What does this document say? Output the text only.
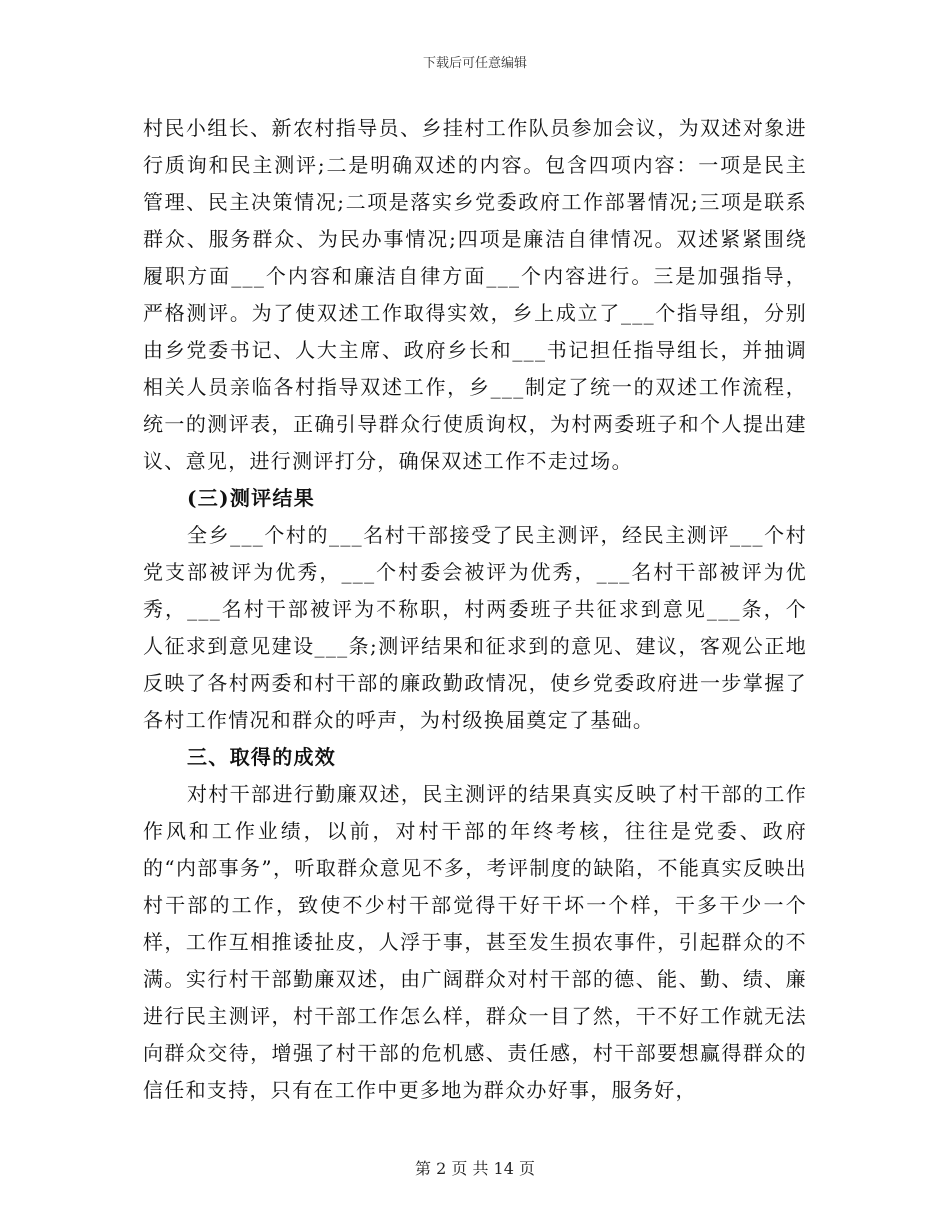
下载后可任意编辑

村民小组长、新农村指导员、乡挂村工作队员参加会议，为双述对象进行质询和民主测评;二是明确双述的内容。包含四项内容：一项是民主管理、民主决策情况;二项是落实乡党委政府工作部署情况;三项是联系群众、服务群众、为民办事情况;四项是廉洁自律情况。双述紧紧围绕履职方面___个内容和廉洁自律方面___个内容进行。三是加强指导，严格测评。为了使双述工作取得实效，乡上成立了___个指导组，分别由乡党委书记、人大主席、政府乡长和___书记担任指导组长，并抽调相关人员亲临各村指导双述工作，乡___制定了统一的双述工作流程，统一的测评表，正确引导群众行使质询权，为村两委班子和个人提出建议、意见，进行测评打分，确保双述工作不走过场。

(三)测评结果

全乡___个村的___名村干部接受了民主测评，经民主测评___个村党支部被评为优秀，___个村委会被评为优秀，___名村干部被评为优秀，___名村干部被评为不称职，村两委班子共征求到意见___条，个人征求到意见建设___条;测评结果和征求到的意见、建议，客观公正地反映了各村两委和村干部的廉政勤政情况，使乡党委政府进一步掌握了各村工作情况和群众的呼声，为村级换届奠定了基础。

三、取得的成效

对村干部进行勤廉双述，民主测评的结果真实反映了村干部的工作作风和工作业绩，以前，对村干部的年终考核，往往是党委、政府的“内部事务”，听取群众意见不多，考评制度的缺陷，不能真实反映出村干部的工作，致使不少村干部觉得干好干坏一个样，干多干少一个样，工作互相推诿扯皮，人浮于事，甚至发生损农事件，引起群众的不满。实行村干部勤廉双述，由广阔群众对村干部的德、能、勤、绩、廉进行民主测评，村干部工作怎么样，群众一目了然，干不好工作就无法向群众交待，增强了村干部的危机感、责任感，村干部要想赢得群众的信任和支持，只有在工作中更多地为群众办好事，服务好，

第 2 页 共 14 页
